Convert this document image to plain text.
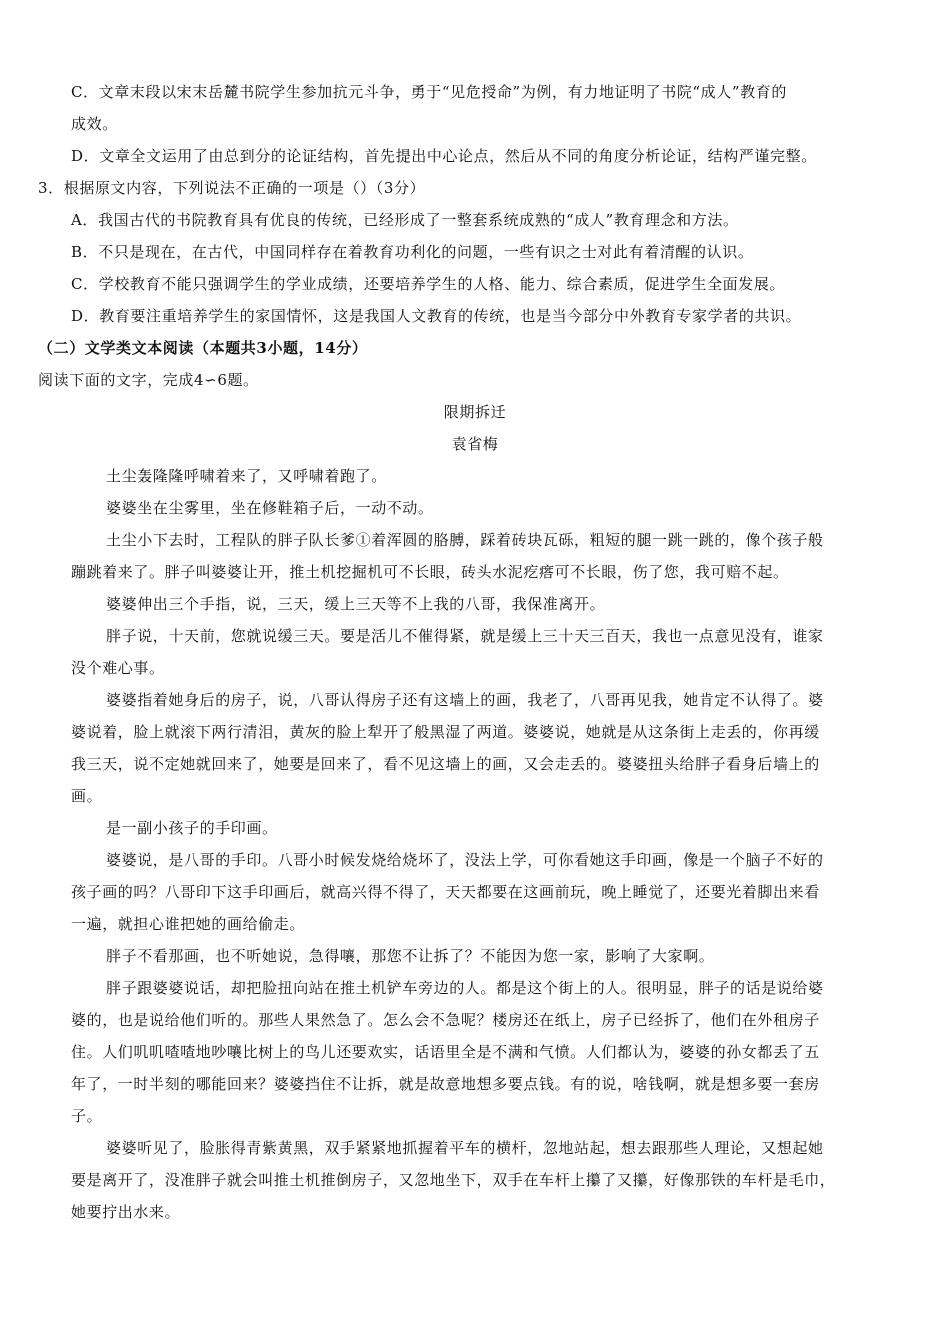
C．文章末段以宋末岳麓书院学生参加抗元斗争，勇于“见危授命”为例，有力地证明了书院“成人”教育的
成效。
D．文章全文运用了由总到分的论证结构，首先提出中心论点，然后从不同的角度分析论证，结构严谨完整。
3．根据原文内容，下列说法不正确的一项是（）（3分）
A．我国古代的书院教育具有优良的传统，已经形成了一整套系统成熟的“成人”教育理念和方法。
B．不只是现在，在古代，中国同样存在着教育功利化的问题，一些有识之士对此有着清醒的认识。
C．学校教育不能只强调学生的学业成绩，还要培养学生的人格、能力、综合素质，促进学生全面发展。
D．教育要注重培养学生的家国情怀，这是我国人文教育的传统，也是当今部分中外教育专家学者的共识。
（二）文学类文本阅读（本题共3小题，14分）
阅读下面的文字，完成4∽6题。
限期拆迁
袁省梅
土尘轰隆隆呼啸着来了，又呼啸着跑了。
婆婆坐在尘雾里，坐在修鞋箱子后，一动不动。
土尘小下去时，工程队的胖子队长爹①着浑圆的胳膊，踩着砖块瓦砾，粗短的腿一跳一跳的，像个孩子般
蹦跳着来了。胖子叫婆婆让开，推土机挖掘机可不长眼，砖头水泥疙瘩可不长眼，伤了您，我可赔不起。
婆婆伸出三个手指，说，三天，缓上三天等不上我的八哥，我保准离开。
胖子说，十天前，您就说缓三天。要是活儿不催得紧，就是缓上三十天三百天，我也一点意见没有，谁家
没个难心事。
婆婆指着她身后的房子，说，八哥认得房子还有这墙上的画，我老了，八哥再见我，她肯定不认得了。婆
婆说着，脸上就滚下两行清泪，黄灰的脸上犁开了般黑湿了两道。婆婆说，她就是从这条街上走丢的，你再缓
我三天，说不定她就回来了，她要是回来了，看不见这墙上的画，又会走丢的。婆婆扭头给胖子看身后墙上的
画。
是一副小孩子的手印画。
婆婆说，是八哥的手印。八哥小时候发烧给烧坏了，没法上学，可你看她这手印画，像是一个脑子不好的
孩子画的吗？八哥印下这手印画后，就高兴得不得了，天天都要在这画前玩，晚上睡觉了，还要光着脚出来看
一遍，就担心谁把她的画给偷走。
胖子不看那画，也不听她说，急得嚷，那您不让拆了？不能因为您一家，影响了大家啊。
胖子跟婆婆说话，却把脸扭向站在推土机铲车旁边的人。都是这个街上的人。很明显，胖子的话是说给婆
婆的，也是说给他们听的。那些人果然急了。怎么会不急呢？楼房还在纸上，房子已经拆了，他们在外租房子
住。人们叽叽喳喳地吵嚷比树上的鸟儿还要欢实，话语里全是不满和气愤。人们都认为，婆婆的孙女都丢了五
年了，一时半刻的哪能回来？婆婆挡住不让拆，就是故意地想多要点钱。有的说，啥钱啊，就是想多要一套房
子。
婆婆听见了，脸胀得青紫黄黑，双手紧紧地抓握着平车的横杆，忽地站起，想去跟那些人理论，又想起她
要是离开了，没准胖子就会叫推土机推倒房子，又忽地坐下，双手在车杆上攥了又攥，好像那铁的车杆是毛巾，
她要拧出水来。
